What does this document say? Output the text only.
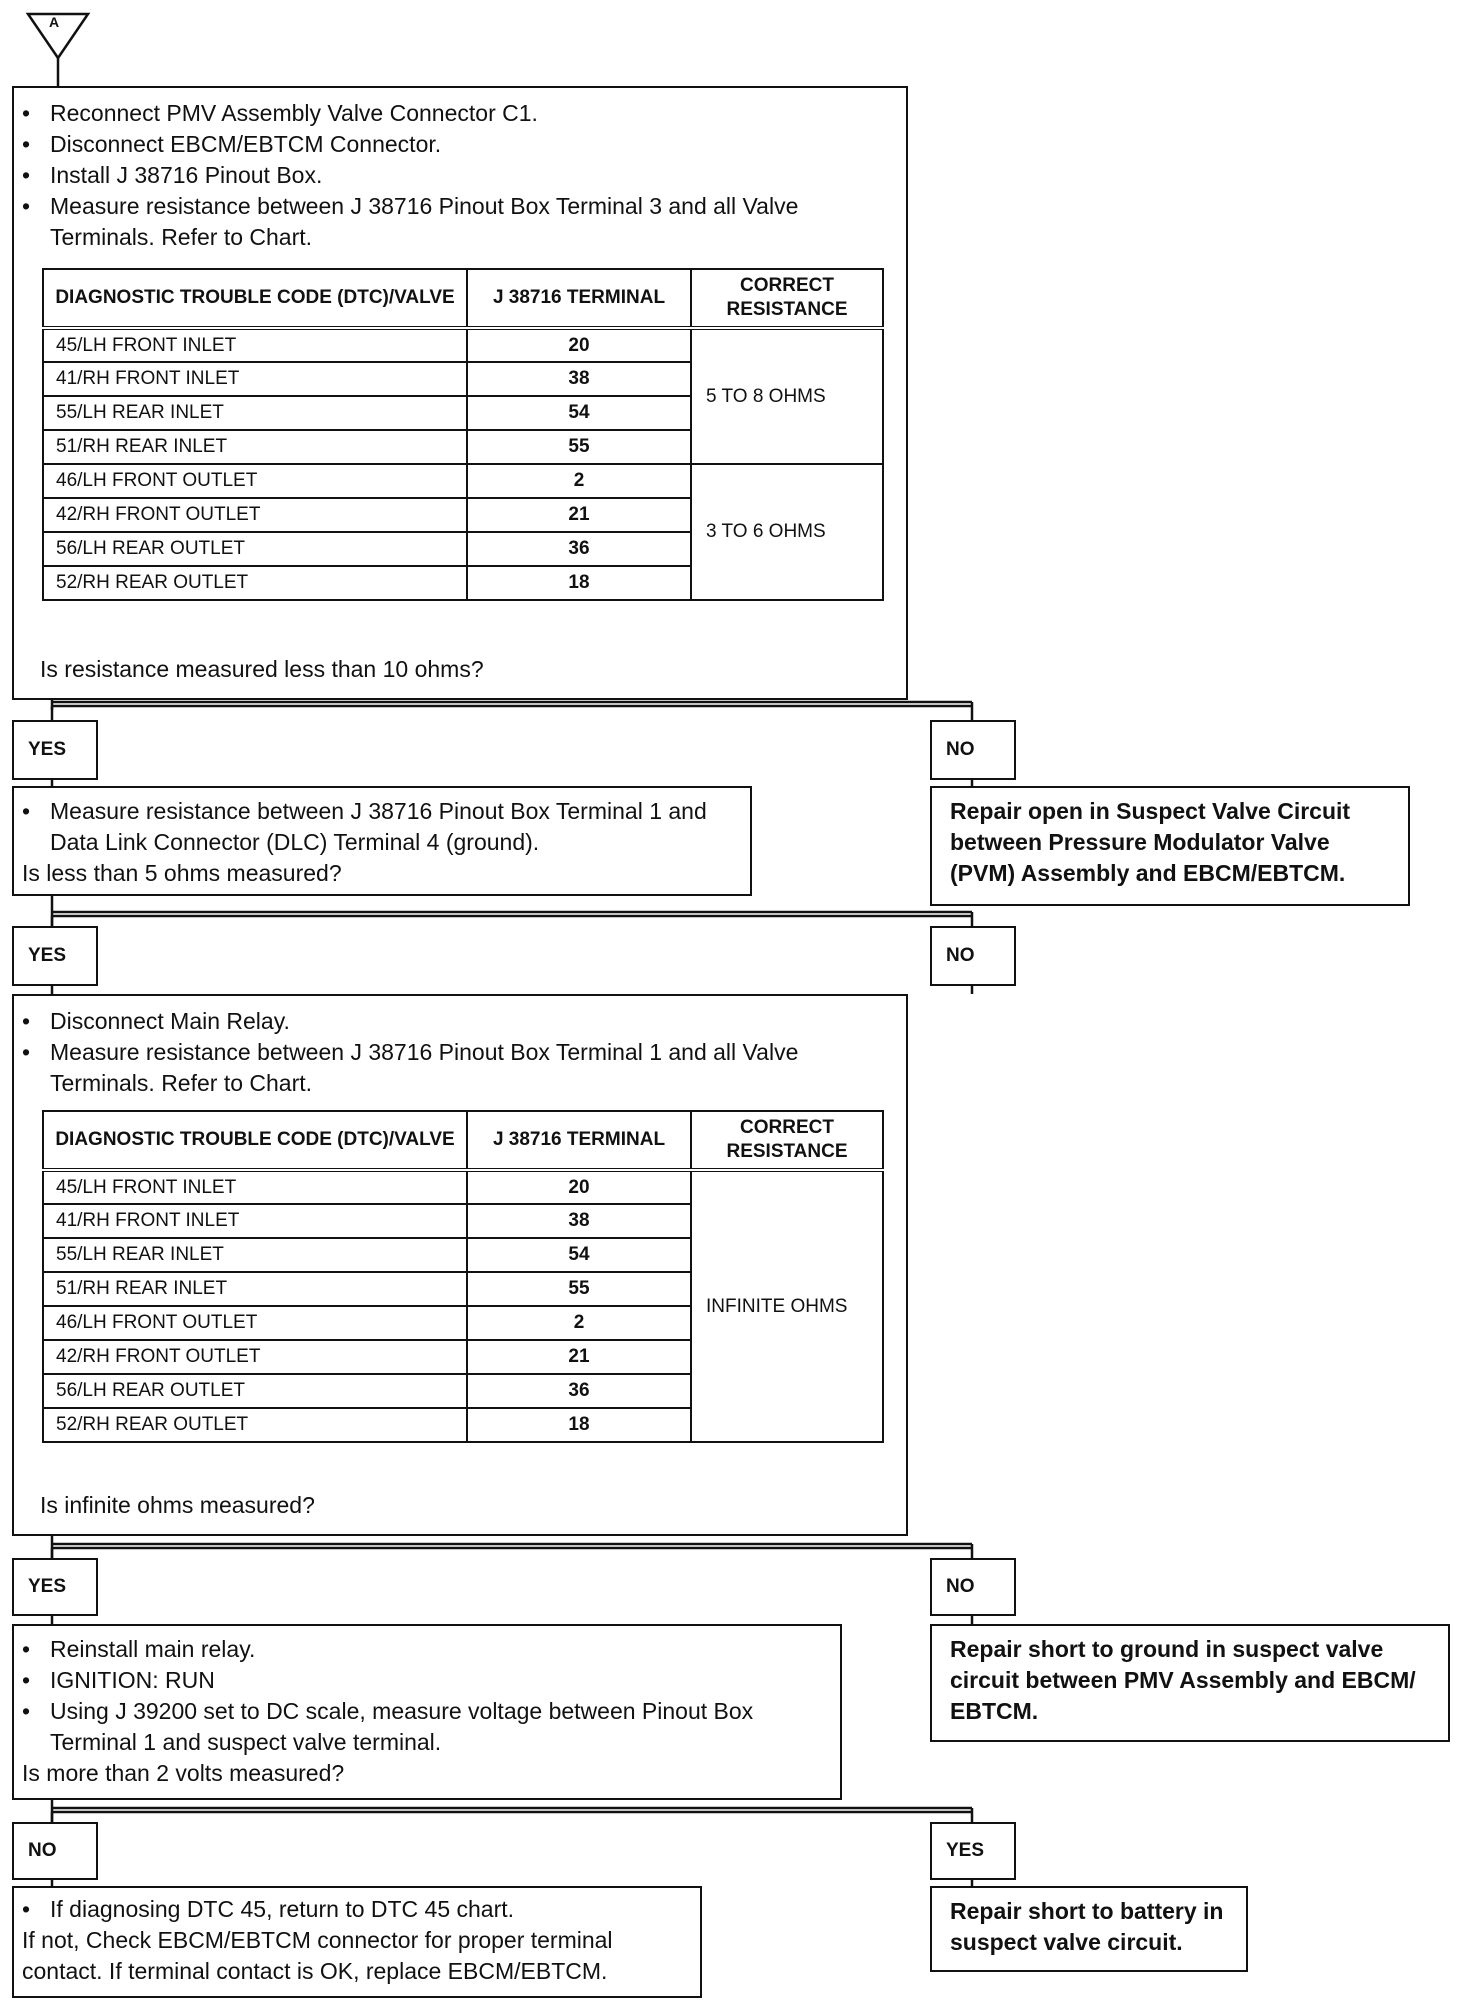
A
• Reconnect PMV Assembly Valve Connector C1.
• Disconnect EBCM/EBTCM Connector.
• Install J 38716 Pinout Box.
• Measure resistance between J 38716 Pinout Box Terminal 3 and all Valve Terminals. Refer to Chart.
Is resistance measured less than 10 ohms?
DIAGNOSTIC TROUBLE CODE (DTC)/VALVE	J 38716 TERMINAL	CORRECT RESISTANCE
45/LH FRONT INLET	20	5 TO 8 OHMS
41/RH FRONT INLET	38	
55/LH REAR INLET	54	
51/RH REAR INLET	55	
46/LH FRONT OUTLET	2	3 TO 6 OHMS
42/RH FRONT OUTLET	21	
56/LH REAR OUTLET	36	
52/RH REAR OUTLET	18	
YES	NO
• Measure resistance between J 38716 Pinout Box Terminal 1 and Data Link Connector (DLC) Terminal 4 (ground).
Is less than 5 ohms measured?
Repair open in Suspect Valve Circuit between Pressure Modulator Valve (PVM) Assembly and EBCM/EBTCM.
YES	NO
• Disconnect Main Relay.
• Measure resistance between J 38716 Pinout Box Terminal 1 and all Valve Terminals. Refer to Chart.
Is infinite ohms measured?
DIAGNOSTIC TROUBLE CODE (DTC)/VALVE	J 38716 TERMINAL	CORRECT RESISTANCE
45/LH FRONT INLET	20	INFINITE OHMS
41/RH FRONT INLET	38	
55/LH REAR INLET	54	
51/RH REAR INLET	55	
46/LH FRONT OUTLET	2	
42/RH FRONT OUTLET	21	
56/LH REAR OUTLET	36	
52/RH REAR OUTLET	18	
YES	NO
• Reinstall main relay.
• IGNITION: RUN
• Using J 39200 set to DC scale, measure voltage between Pinout Box Terminal 1 and suspect valve terminal.
Is more than 2 volts measured?
Repair short to ground in suspect valve circuit between PMV Assembly and EBCM/ EBTCM.
NO	YES
• If diagnosing DTC 45, return to DTC 45 chart.
If not, Check EBCM/EBTCM connector for proper terminal contact. If terminal contact is OK, replace EBCM/EBTCM.
Repair short to battery in suspect valve circuit.
